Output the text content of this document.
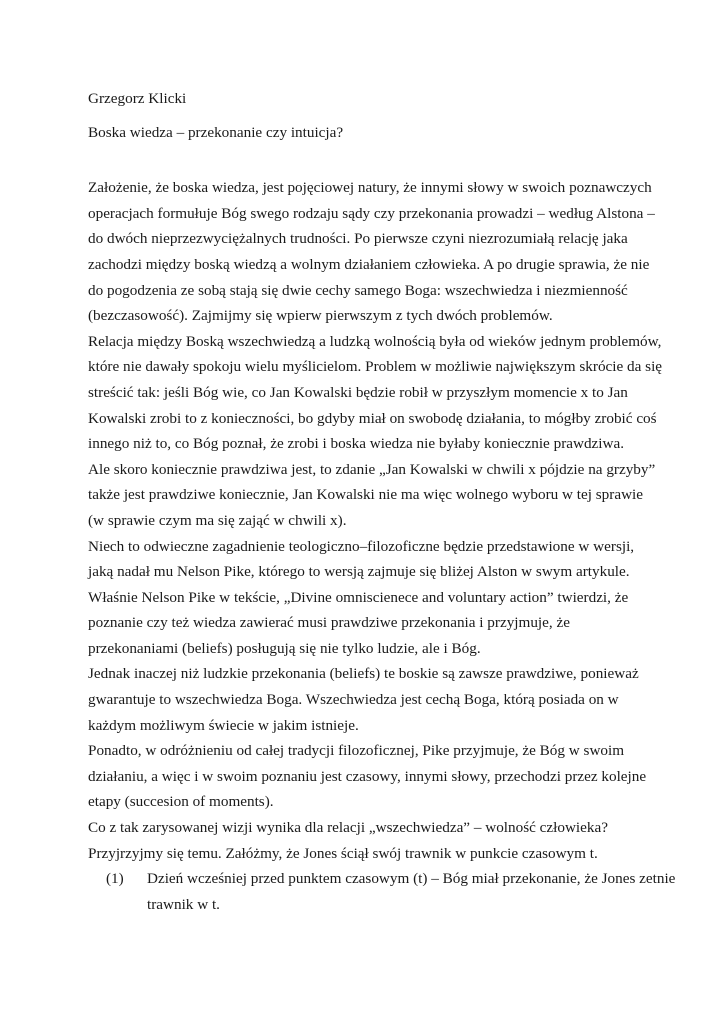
Grzegorz Klicki
Boska wiedza – przekonanie czy intuicja?
Założenie, że boska wiedza, jest pojęciowej natury, że innymi słowy w swoich poznawczych
operacjach formułuje Bóg swego rodzaju sądy czy przekonania prowadzi – według Alstona –
do dwóch nieprzezwyciężalnych trudności. Po pierwsze czyni niezrozumiałą relację jaka
zachodzi między boską wiedzą a wolnym działaniem człowieka. A po drugie sprawia, że nie
do pogodzenia ze sobą stają się dwie cechy samego Boga: wszechwiedza i niezmienność
(bezczasowość). Zajmijmy się wpierw pierwszym z tych dwóch problemów.
Relacja między Boską wszechwiedzą a ludzką wolnością była od wieków jednym problemów,
które nie dawały spokoju wielu myślicielom. Problem w możliwie największym skrócie da się
streścić tak: jeśli Bóg wie, co Jan Kowalski będzie robił w przyszłym momencie x to Jan
Kowalski zrobi to z konieczności, bo gdyby miał on swobodę działania, to mógłby zrobić coś
innego niż to, co Bóg poznał, że zrobi i boska wiedza nie byłaby koniecznie prawdziwa.
Ale skoro koniecznie prawdziwa jest, to zdanie „Jan Kowalski w chwili x pójdzie na grzyby”
także jest prawdziwe koniecznie, Jan Kowalski nie ma więc wolnego wyboru w tej sprawie
(w sprawie czym ma się zająć w chwili x).
Niech to odwieczne zagadnienie teologiczno–filozoficzne będzie przedstawione w wersji,
jaką nadał mu Nelson Pike, którego to wersją zajmuje się bliżej Alston w swym artykule.
Właśnie Nelson Pike w tekście, „Divine omniscienece and voluntary action” twierdzi, że
poznanie czy też wiedza zawierać musi prawdziwe przekonania i przyjmuje, że
przekonaniami (beliefs) posługują się nie tylko ludzie, ale i Bóg.
Jednak inaczej niż ludzkie przekonania (beliefs) te boskie są zawsze prawdziwe, ponieważ
gwarantuje to wszechwiedza Boga. Wszechwiedza jest cechą Boga, którą posiada on w
każdym możliwym świecie w jakim istnieje.
Ponadto, w odróżnieniu od całej tradycji filozoficznej, Pike przyjmuje, że Bóg w swoim
działaniu, a więc i w swoim poznaniu jest czasowy, innymi słowy, przechodzi przez kolejne
etapy (succesion of moments).
Co z tak zarysowanej wizji wynika dla relacji „wszechwiedza” – wolność człowieka?
Przyjrzyjmy się temu. Załóżmy, że Jones ściął swój trawnik w punkcie czasowym t.
(1)	Dzień wcześniej przed punktem czasowym (t) – Bóg miał przekonanie, że Jones zetnie
trawnik w t.
